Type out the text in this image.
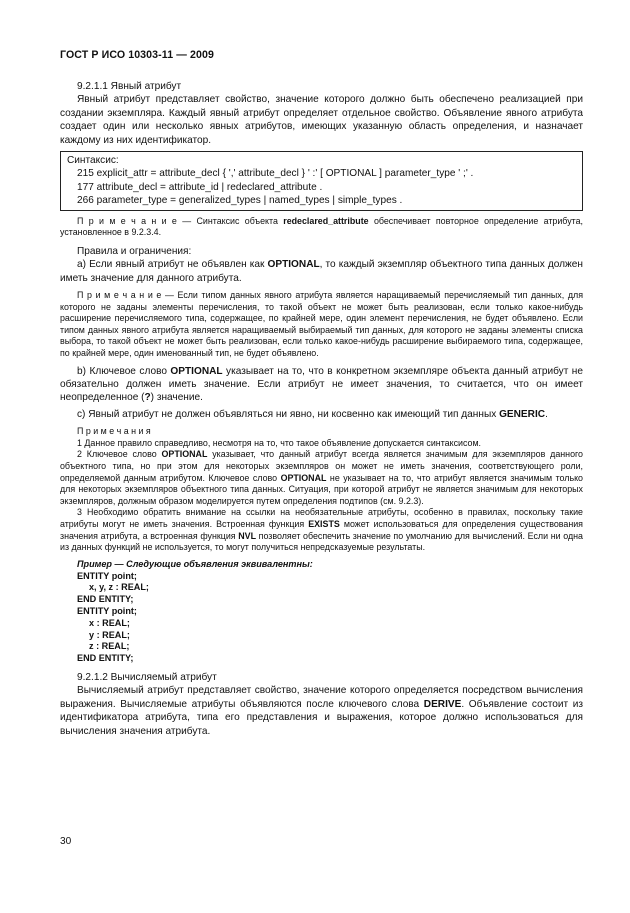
ГОСТ Р ИСО 10303-11 — 2009

9.2.1.1 Явный атрибут

Явный атрибут представляет свойство, значение которого должно быть обеспечено реализацией при создании экземпляра. Каждый явный атрибут определяет отдельное свойство. Объявление явного атрибута создает один или несколько явных атрибутов, имеющих указанную область определения, и назначает каждому из них идентификатор.

Синтаксис:
215 explicit_attr = attribute_decl { ',' attribute_decl } ' :' [ OPTIONAL ] parameter_type ' ;' .
177 attribute_decl = attribute_id | redeclared_attribute .
266 parameter_type = generalized_types | named_types | simple_types .

П р и м е ч а н и е — Синтаксис объекта redeclared_attribute обеспечивает повторное определение атрибута, установленное в 9.2.3.4.

Правила и ограничения:

а) Если явный атрибут не объявлен как OPTIONAL, то каждый экземпляр объектного типа данных должен иметь значение для данного атрибута.

П р и м е ч а н и е — Если типом данных явного атрибута является наращиваемый перечисляемый тип данных, для которого не заданы элементы перечисления, то такой объект не может быть реализован, если только какое-нибудь расширение перечисляемого типа, содержащее, по крайней мере, один элемент перечисления, не будет объявлено. Если типом данных явного атрибута является наращиваемый выбираемый тип данных, для которого не заданы элементы списка выбора, то такой объект не может быть реализован, если только какое-нибудь расширение выбираемого типа, содержащее, по крайней мере, один именованный тип, не будет объявлено.

b) Ключевое слово OPTIONAL указывает на то, что в конкретном экземпляре объекта данный атрибут не обязательно должен иметь значение. Если атрибут не имеет значения, то считается, что он имеет неопределенное (?) значение.

с) Явный атрибут не должен объявляться ни явно, ни косвенно как имеющий тип данных GENERIC.

П р и м е ч а н и я

1 Данное правило справедливо, несмотря на то, что такое объявление допускается синтаксисом.

2 Ключевое слово OPTIONAL указывает, что данный атрибут всегда является значимым для экземпляров данного объектного типа, но при этом для некоторых экземпляров он может не иметь значения, соответствующего роли, определяемой данным атрибутом. Ключевое слово OPTIONAL не указывает на то, что атрибут является значимым только для некоторых экземпляров объектного типа данных. Ситуация, при которой атрибут не является значимым для некоторых экземпляров, должным образом моделируется путем определения подтипов (см. 9.2.3).

3 Необходимо обратить внимание на ссылки на необязательные атрибуты, особенно в правилах, поскольку такие атрибуты могут не иметь значения. Встроенная функция EXISTS может использоваться для определения существования значения атрибута, а встроенная функция NVL позволяет обеспечить значение по умолчанию для вычислений. Если ни одна из данных функций не используется, то могут получиться непредсказуемые результаты.

Пример — Следующие объявления эквивалентны:
ENTITY point;
x, y, z : REAL;
END ENTITY;
ENTITY point;
x : REAL;
y : REAL;
z : REAL;
END ENTITY;

9.2.1.2 Вычисляемый атрибут

Вычисляемый атрибут представляет свойство, значение которого определяется посредством вычисления выражения. Вычисляемые атрибуты объявляются после ключевого слова DERIVE. Объявление состоит из идентификатора атрибута, типа его представления и выражения, которое должно использоваться для вычисления значения атрибута.

30
